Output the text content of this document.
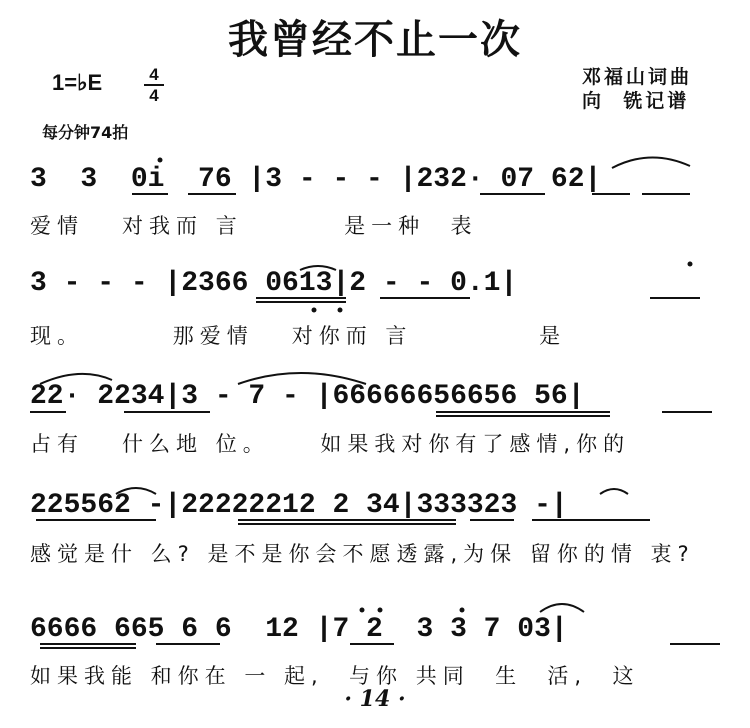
我曾经不止一次
邓福山词曲
向  铣记谱
1=♭E	4
4
每分钟74拍
3  3  0i  76 |3 - - - |232· 07 62|
爱情   对我而 言        是一种  表
3 - - - |2366 0613|2 - - 0.1|
现。       那爱情   对你而 言          是
22· 2234|3 - 7 - |66666656656 56|
占有   什么地 位。    如果我对你有了感情,你的
225562 -|22222212 2 34|333323 -|
感觉是什 么? 是不是你会不愿透露,为保 留你的情 衷?
6666 665 6 6  12 |7 2  3 3 7 03|
如果我能 和你在 一 起,  与你 共同  生  活,  这
· 14 ·
